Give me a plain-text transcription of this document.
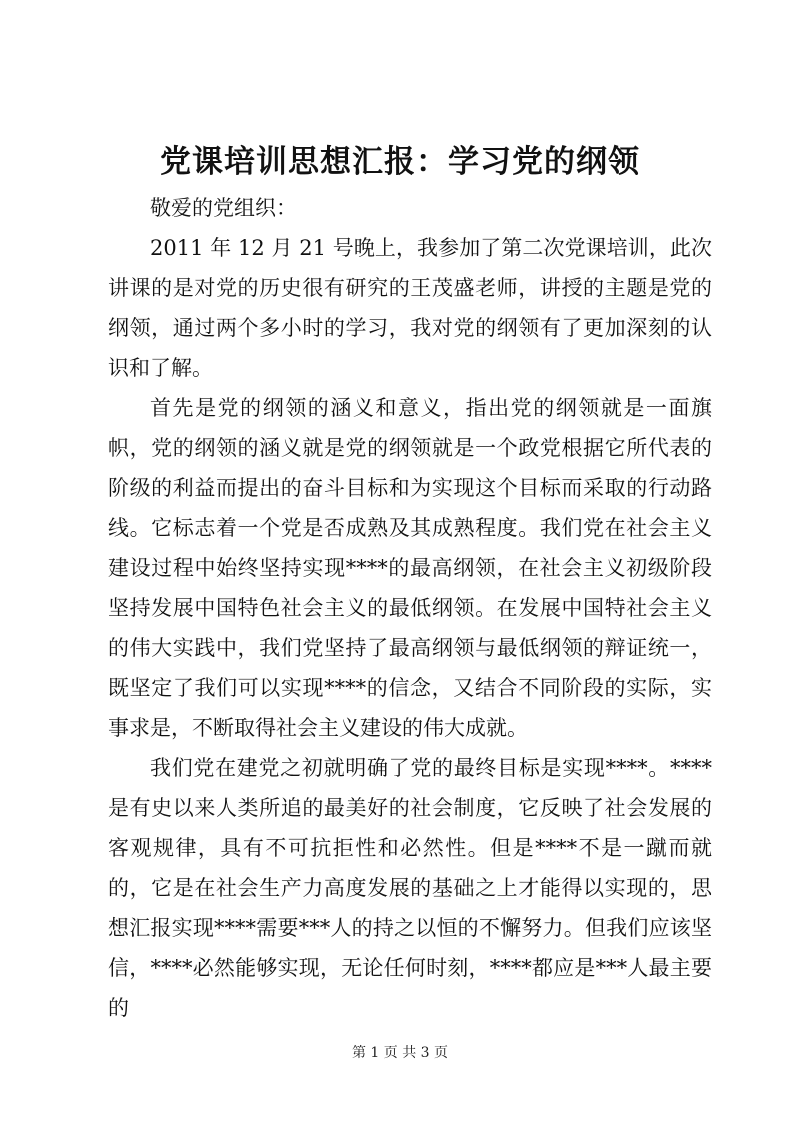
党课培训思想汇报：学习党的纲领

敬爱的党组织：

2011 年 12 月 21 号晚上，我参加了第二次党课培训，此次讲课的是对党的历史很有研究的王茂盛老师，讲授的主题是党的纲领，通过两个多小时的学习，我对党的纲领有了更加深刻的认识和了解。

首先是党的纲领的涵义和意义，指出党的纲领就是一面旗帜，党的纲领的涵义就是党的纲领就是一个政党根据它所代表的阶级的利益而提出的奋斗目标和为实现这个目标而采取的行动路线。它标志着一个党是否成熟及其成熟程度。我们党在社会主义建设过程中始终坚持实现****的最高纲领，在社会主义初级阶段坚持发展中国特色社会主义的最低纲领。在发展中国特社会主义的伟大实践中，我们党坚持了最高纲领与最低纲领的辩证统一，既坚定了我们可以实现****的信念，又结合不同阶段的实际，实事求是，不断取得社会主义建设的伟大成就。

我们党在建党之初就明确了党的最终目标是实现****。****是有史以来人类所追的最美好的社会制度，它反映了社会发展的客观规律，具有不可抗拒性和必然性。但是****不是一蹴而就的，它是在社会生产力高度发展的基础之上才能得以实现的，思想汇报实现****需要***人的持之以恒的不懈努力。但我们应该坚信，****必然能够实现，无论任何时刻，****都应是***人最主要的

第 1 页 共 3 页
